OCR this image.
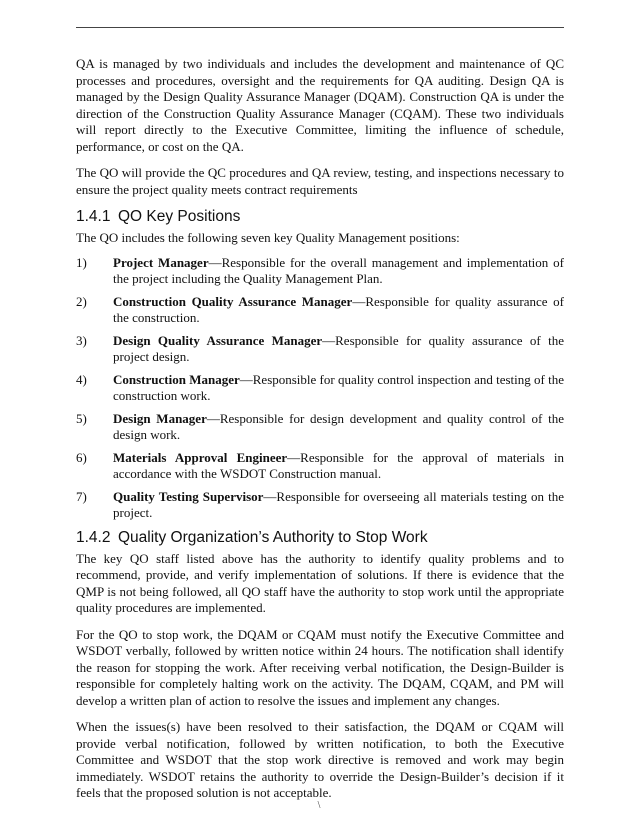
QA is managed by two individuals and includes the development and maintenance of QC processes and procedures, oversight and the requirements for QA auditing. Design QA is managed by the Design Quality Assurance Manager (DQAM). Construction QA is under the direction of the Construction Quality Assurance Manager (CQAM). These two individuals will report directly to the Executive Committee, limiting the influence of schedule, performance, or cost on the QA.

The QO will provide the QC procedures and QA review, testing, and inspections necessary to ensure the project quality meets contract requirements

1.4.1 QO Key Positions

The QO includes the following seven key Quality Management positions:

1)	Project Manager—Responsible for the overall management and implementation of the project including the Quality Management Plan.
2)	Construction Quality Assurance Manager—Responsible for quality assurance of the construction.
3)	Design Quality Assurance Manager—Responsible for quality assurance of the project design.
4)	Construction Manager—Responsible for quality control inspection and testing of the construction work.
5)	Design Manager—Responsible for design development and quality control of the design work.
6)	Materials Approval Engineer—Responsible for the approval of materials in accordance with the WSDOT Construction manual.
7)	Quality Testing Supervisor—Responsible for overseeing all materials testing on the project.
1.4.2 Quality Organization’s Authority to Stop Work

The key QO staff listed above has the authority to identify quality problems and to recommend, provide, and verify implementation of solutions. If there is evidence that the QMP is not being followed, all QO staff have the authority to stop work until the appropriate quality procedures are implemented.

For the QO to stop work, the DQAM or CQAM must notify the Executive Committee and WSDOT verbally, followed by written notice within 24 hours. The notification shall identify the reason for stopping the work. After receiving verbal notification, the Design-Builder is responsible for completely halting work on the activity. The DQAM, CQAM, and PM will develop a written plan of action to resolve the issues and implement any changes.

When the issues(s) have been resolved to their satisfaction, the DQAM or CQAM will provide verbal notification, followed by written notification, to both the Executive Committee and WSDOT that the stop work directive is removed and work may begin immediately. WSDOT retains the authority to override the Design-Builder’s decision if it feels that the proposed solution is not acceptable.

\
